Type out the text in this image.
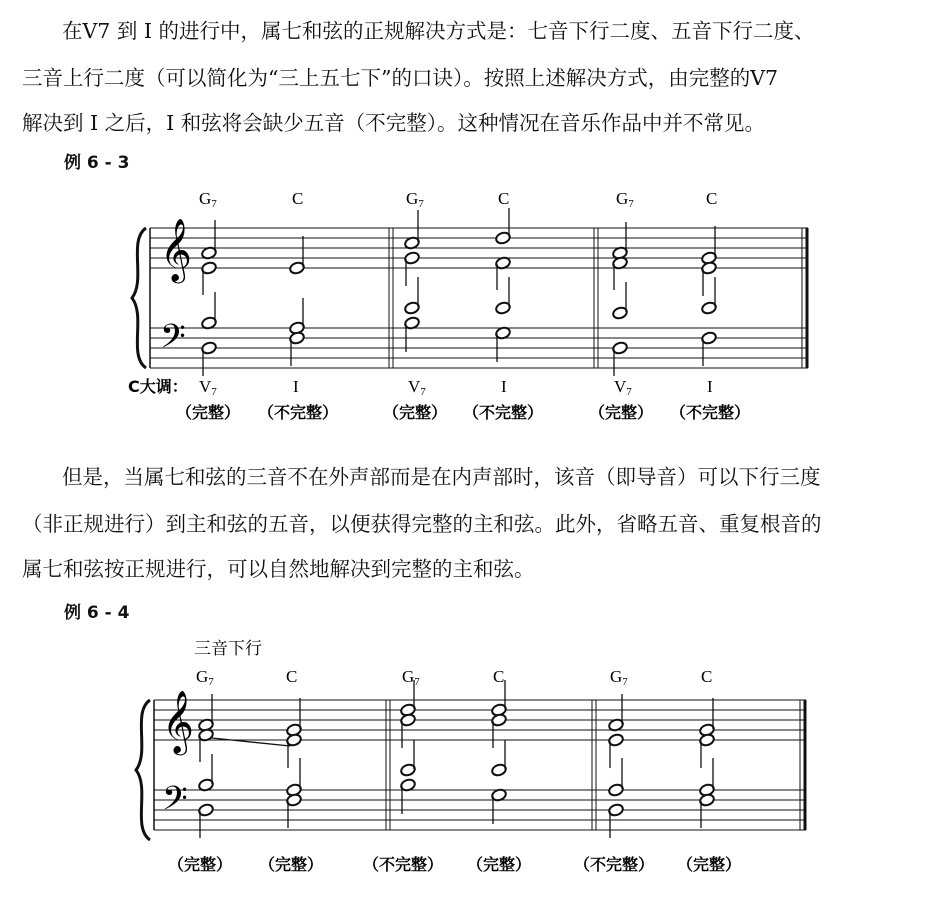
在V7 到 I 的进行中，属七和弦的正规解决方式是：七音下行二度、五音下行二度、
三音上行二度（可以简化为“三上五七下”的口诀）。按照上述解决方式，由完整的V7
解决到 I 之后，I 和弦将会缺少五音（不完整）。这种情况在音乐作品中并不常见。
例 6 - 3
G7	C	G7	C	G7	C
𝄞
𝄢
C大调： V7	I	V7	I	V7	I
（完整） （不完整）	（完整） （不完整）	（完整） （不完整）
但是，当属七和弦的三音不在外声部而是在内声部时，该音（即导音）可以下行三度
（非正规进行）到主和弦的五音，以便获得完整的主和弦。此外，省略五音、重复根音的
属七和弦按正规进行，可以自然地解决到完整的主和弦。
例 6 - 4
三音下行
G7	C	G7	C	G7	C
𝄞
𝄢
（完整） （完整） （不完整） （完整）	（不完整） （完整）
